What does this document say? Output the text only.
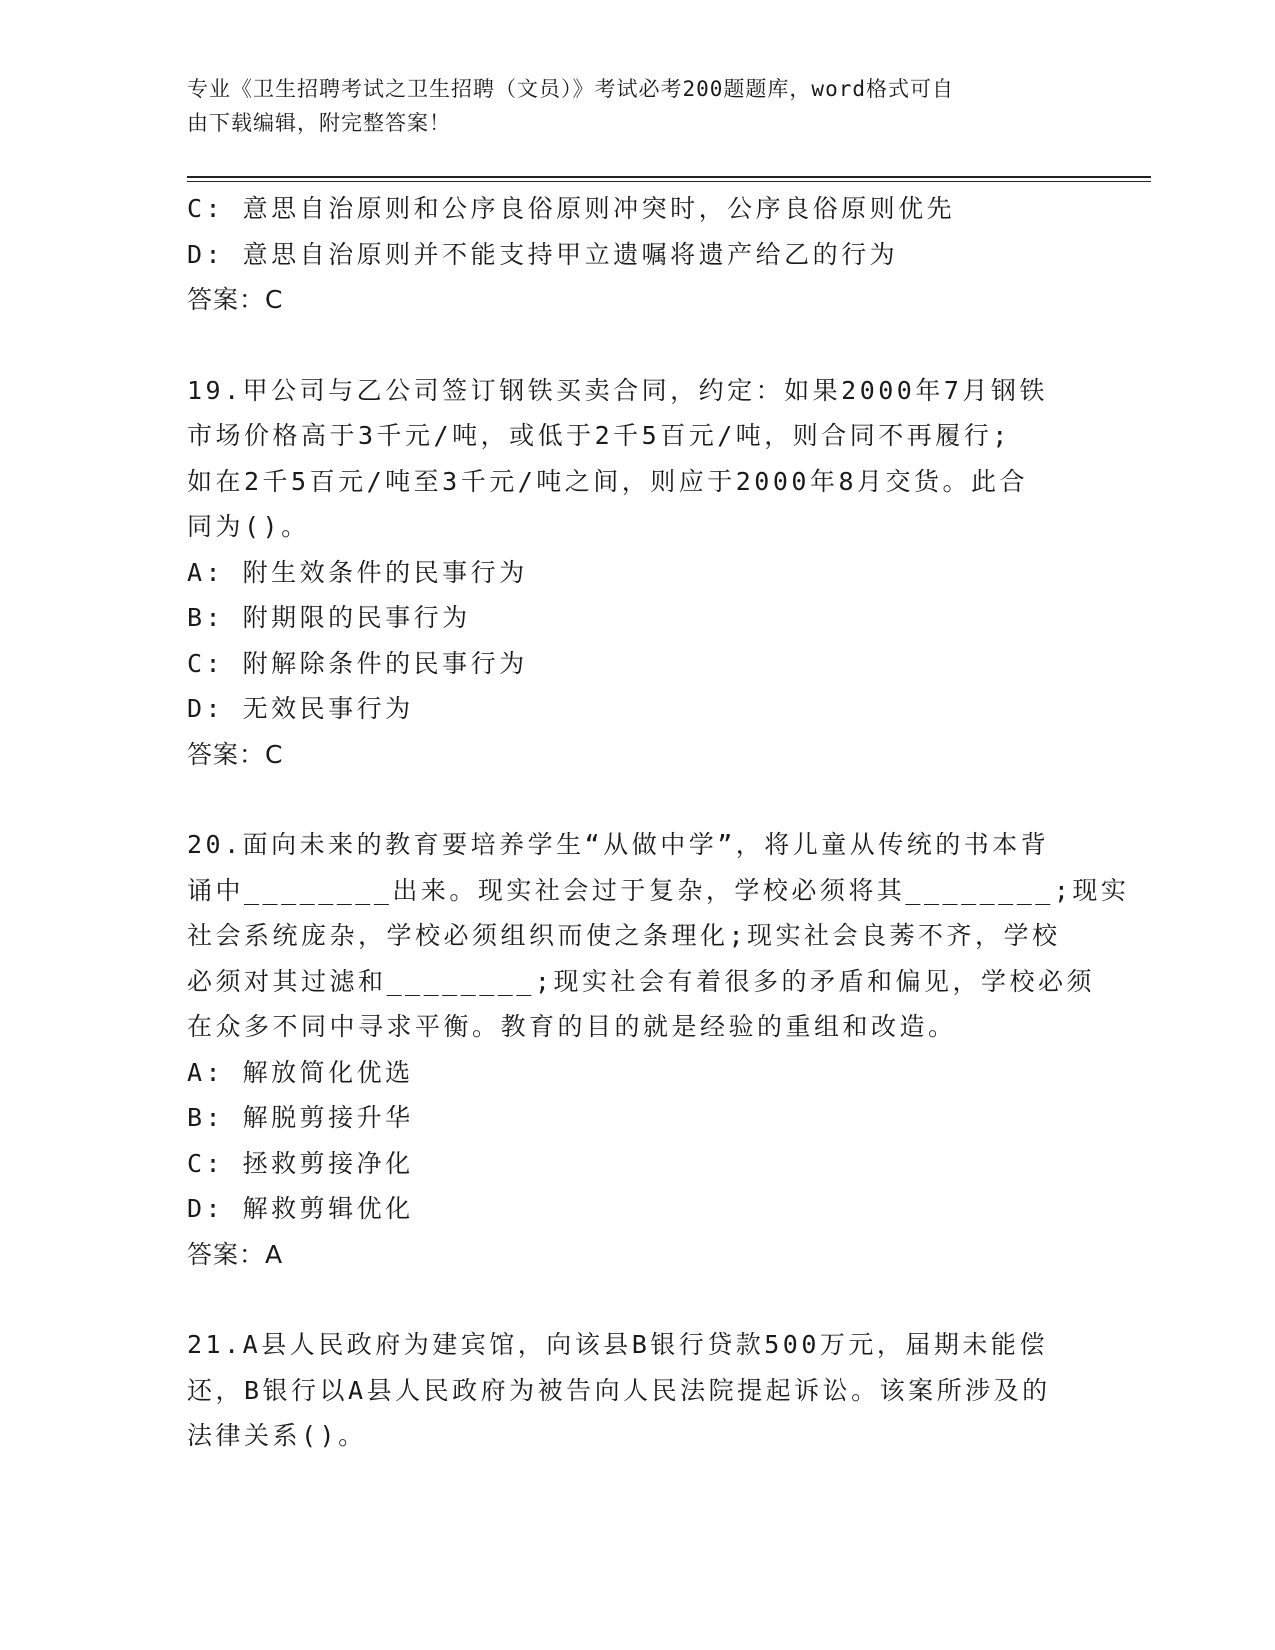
专业《卫生招聘考试之卫生招聘（文员）》考试必考200题题库，word格式可自
由下载编辑，附完整答案！
C: 意思自治原则和公序良俗原则冲突时，公序良俗原则优先
D: 意思自治原则并不能支持甲立遗嘱将遗产给乙的行为
答案：C
19.甲公司与乙公司签订钢铁买卖合同，约定：如果2000年7月钢铁
市场价格高于3千元/吨，或低于2千5百元/吨，则合同不再履行;
如在2千5百元/吨至3千元/吨之间，则应于2000年8月交货。此合
同为()。
A: 附生效条件的民事行为
B: 附期限的民事行为
C: 附解除条件的民事行为
D: 无效民事行为
答案：C
20.面向未来的教育要培养学生“从做中学”，将儿童从传统的书本背
诵中________出来。现实社会过于复杂，学校必须将其________;现实
社会系统庞杂，学校必须组织而使之条理化;现实社会良莠不齐，学校
必须对其过滤和________;现实社会有着很多的矛盾和偏见，学校必须
在众多不同中寻求平衡。教育的目的就是经验的重组和改造。
A: 解放简化优选
B: 解脱剪接升华
C: 拯救剪接净化
D: 解救剪辑优化
答案：A
21.A县人民政府为建宾馆，向该县B银行贷款500万元，届期未能偿
还，B银行以A县人民政府为被告向人民法院提起诉讼。该案所涉及的
法律关系()。
